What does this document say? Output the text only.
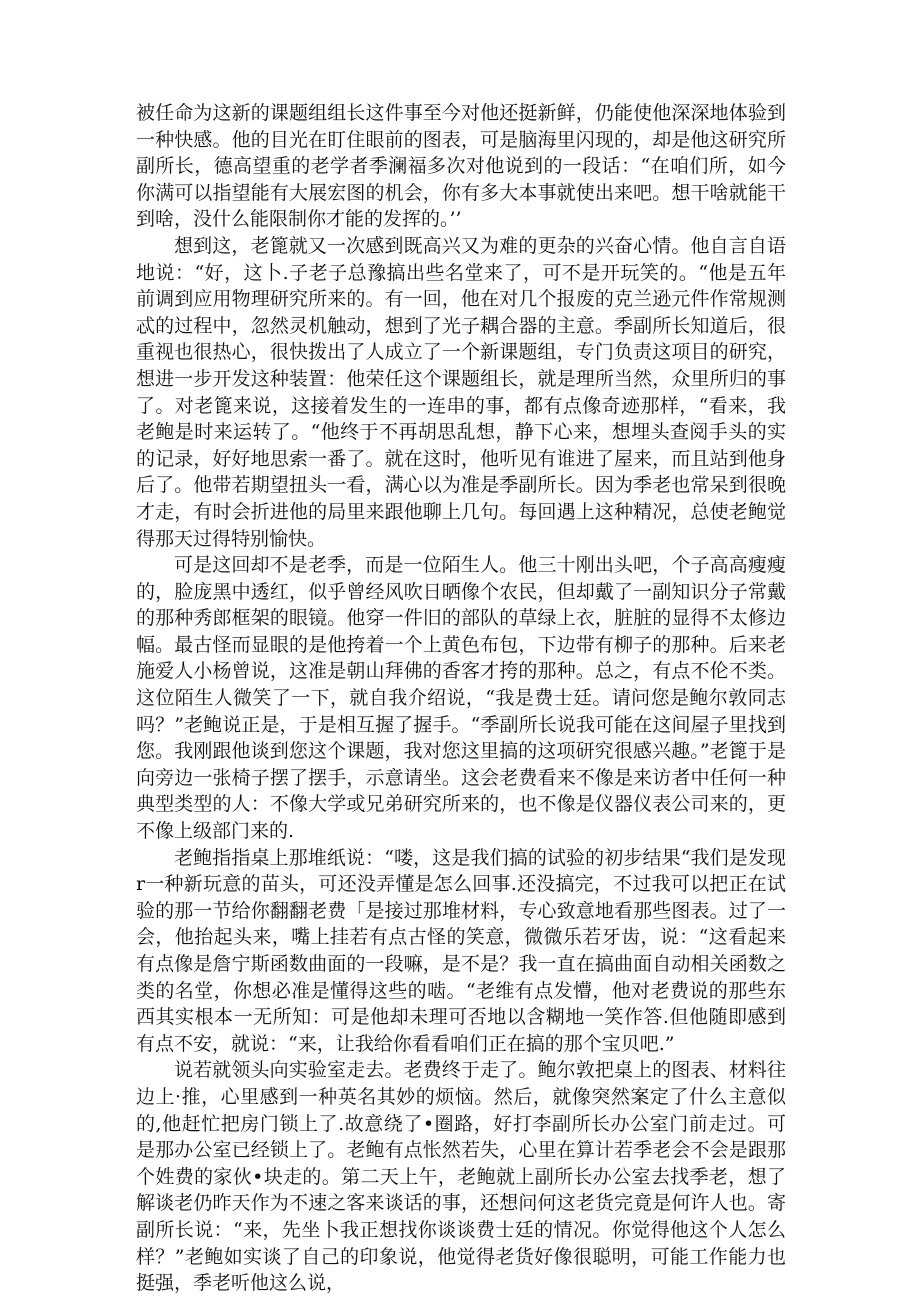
被任命为这新的课题组组长这件事至今对他还挺新鲜，仍能使他深深地体验到一种快感。他的目光在盯住眼前的图表，可是脑海里闪现的，却是他这研究所副所长，德高望重的老学者季澜福多次对他说到的一段话：“在咱们所，如今你满可以指望能有大展宏图的机会，你有多大本事就使出来吧。想干啥就能干到啥，没什么能限制你才能的发挥的。’’

想到这，老篦就又一次感到既高兴又为难的更杂的兴奋心情。他自言自语地说：“好，这卜.子老子总豫搞出些名堂来了，可不是开玩笑的。“他是五年前调到应用物理研究所来的。有一回，他在对几个报废的克兰逊元件作常规测忒的过程中，忽然灵机触动，想到了光子耦合器的主意。季副所长知道后，很重视也很热心，很快拨出了人成立了一个新课题组，专门负责这项目的研究，想进一步开发这种装置：他荣任这个课题组长，就是理所当然，众里所归的事了。对老篦来说，这接着发生的一连串的事，都有点像奇迹那样，“看来，我老鲍是时来运转了。“他终于不再胡思乱想，静下心来，想埋头查阅手头的实的记录，好好地思索一番了。就在这时，他听见有谁进了屋来，而且站到他身后了。他带若期望扭头一看，满心以为准是季副所长。因为季老也常呆到很晚才走，有时会折进他的局里来跟他聊上几句。每回遇上这种精况，总使老鲍觉得那天过得特别愉快。

可是这回却不是老季，而是一位陌生人。他三十刚出头吧，个子高高瘦瘦的，脸庞黑中透红，似乎曾经风吹日晒像个农民，但却戴了一副知识分子常戴的那种秀郎框架的眼镜。他穿一件旧的部队的草绿上衣，脏脏的显得不太修边幅。最古怪而显眼的是他挎着一个上黄色布包，下边带有柳子的那种。后来老施爱人小杨曾说，这准是朝山拜佛的香客才挎的那种。总之，有点不伦不类。这位陌生人微笑了一下，就自我介绍说，“我是费士廷。请问您是鲍尔敦同志吗？”老鲍说正是，于是相互握了握手。“季副所长说我可能在这间屋子里找到您。我刚跟他谈到您这个课题，我对您这里搞的这项研究很感兴趣。”老篦于是向旁边一张椅子摆了摆手，示意请坐。这会老费看来不像是来访者中任何一种典型类型的人：不像大学或兄弟研究所来的，也不像是仪器仪表公司来的，更不像上级部门来的.

老鲍指指桌上那堆纸说：“喽，这是我们搞的试验的初步结果“我们是发现r一种新玩意的苗头，可还没弄懂是怎么回事.还没搞完，不过我可以把正在试验的那一节给你翻翻老费「是接过那堆材料，专心致意地看那些图表。过了一会，他抬起头来，嘴上挂若有点古怪的笑意，微微乐若牙齿，说：“这看起来有点像是詹宁斯函数曲面的一段嘛，是不是？我一直在搞曲面自动相关函数之类的名堂，你想必准是懂得这些的啮。“老维有点发懵，他对老费说的那些东西其实根本一无所知：可是他却未理可否地以含糊地一笑作答.但他随即感到有点不安，就说：“来，让我给你看看咱们正在搞的那个宝贝吧.”

说若就领头向实验室走去。老费终于走了。鲍尔敦把桌上的图表、材料往边上·推，心里感到一种英名其妙的烦恼。然后，就像突然案定了什么主意似的,他赶忙把房门锁上了.故意绕了•圈路，好打李副所长办公室门前走过。可是那办公室已经锁上了。老鲍有点怅然若失，心里在算计若季老会不会是跟那个姓费的家伙•块走的。第二天上午，老鲍就上副所长办公室去找季老，想了解谈老仍昨天作为不速之客来谈话的事，还想问何这老货完竟是何许人也。寄副所长说：“来，先坐卜我正想找你谈谈费士廷的情况。你觉得他这个人怎么样？”老鲍如实谈了自己的印象说，他觉得老货好像很聪明，可能工作能力也挺强，季老听他这么说，
